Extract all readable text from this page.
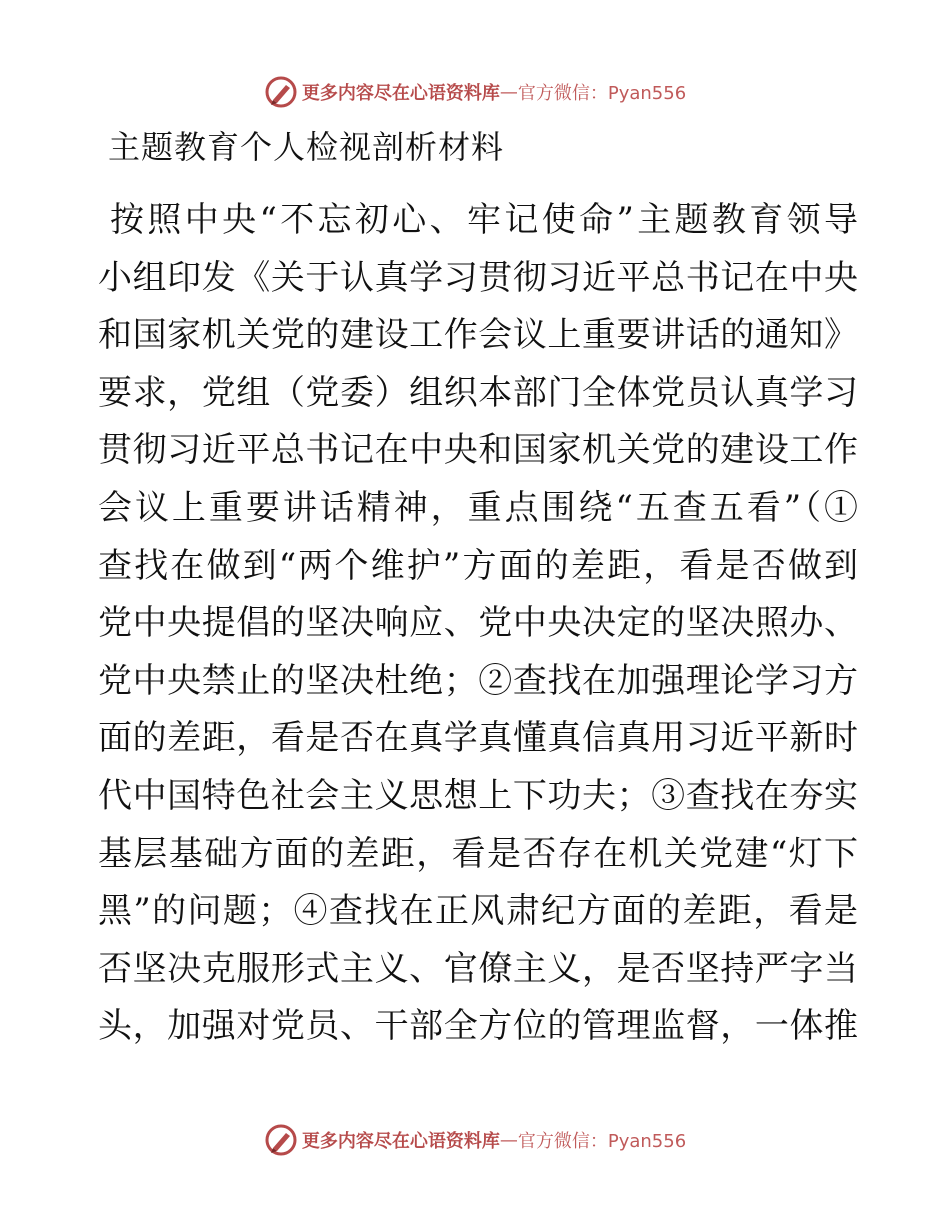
更多内容尽在心语资料库 — 官方微信：Pyan556
主题教育个人检视剖析材料
按照中央“不忘初心、牢记使命”主题教育领导
小组印发《关于认真学习贯彻习近平总书记在中央
和国家机关党的建设工作会议上重要讲话的通知》
要求，党组（党委）组织本部门全体党员认真学习
贯彻习近平总书记在中央和国家机关党的建设工作
会议上重要讲话精神，重点围绕“五查五看”（①
查找在做到“两个维护”方面的差距，看是否做到
党中央提倡的坚决响应、党中央决定的坚决照办、
党中央禁止的坚决杜绝；②查找在加强理论学习方
面的差距，看是否在真学真懂真信真用习近平新时
代中国特色社会主义思想上下功夫；③查找在夯实
基层基础方面的差距，看是否存在机关党建“灯下
黑”的问题；④查找在正风肃纪方面的差距，看是
否坚决克服形式主义、官僚主义，是否坚持严字当
头，加强对党员、干部全方位的管理监督，一体推
更多内容尽在心语资料库 — 官方微信：Pyan556
